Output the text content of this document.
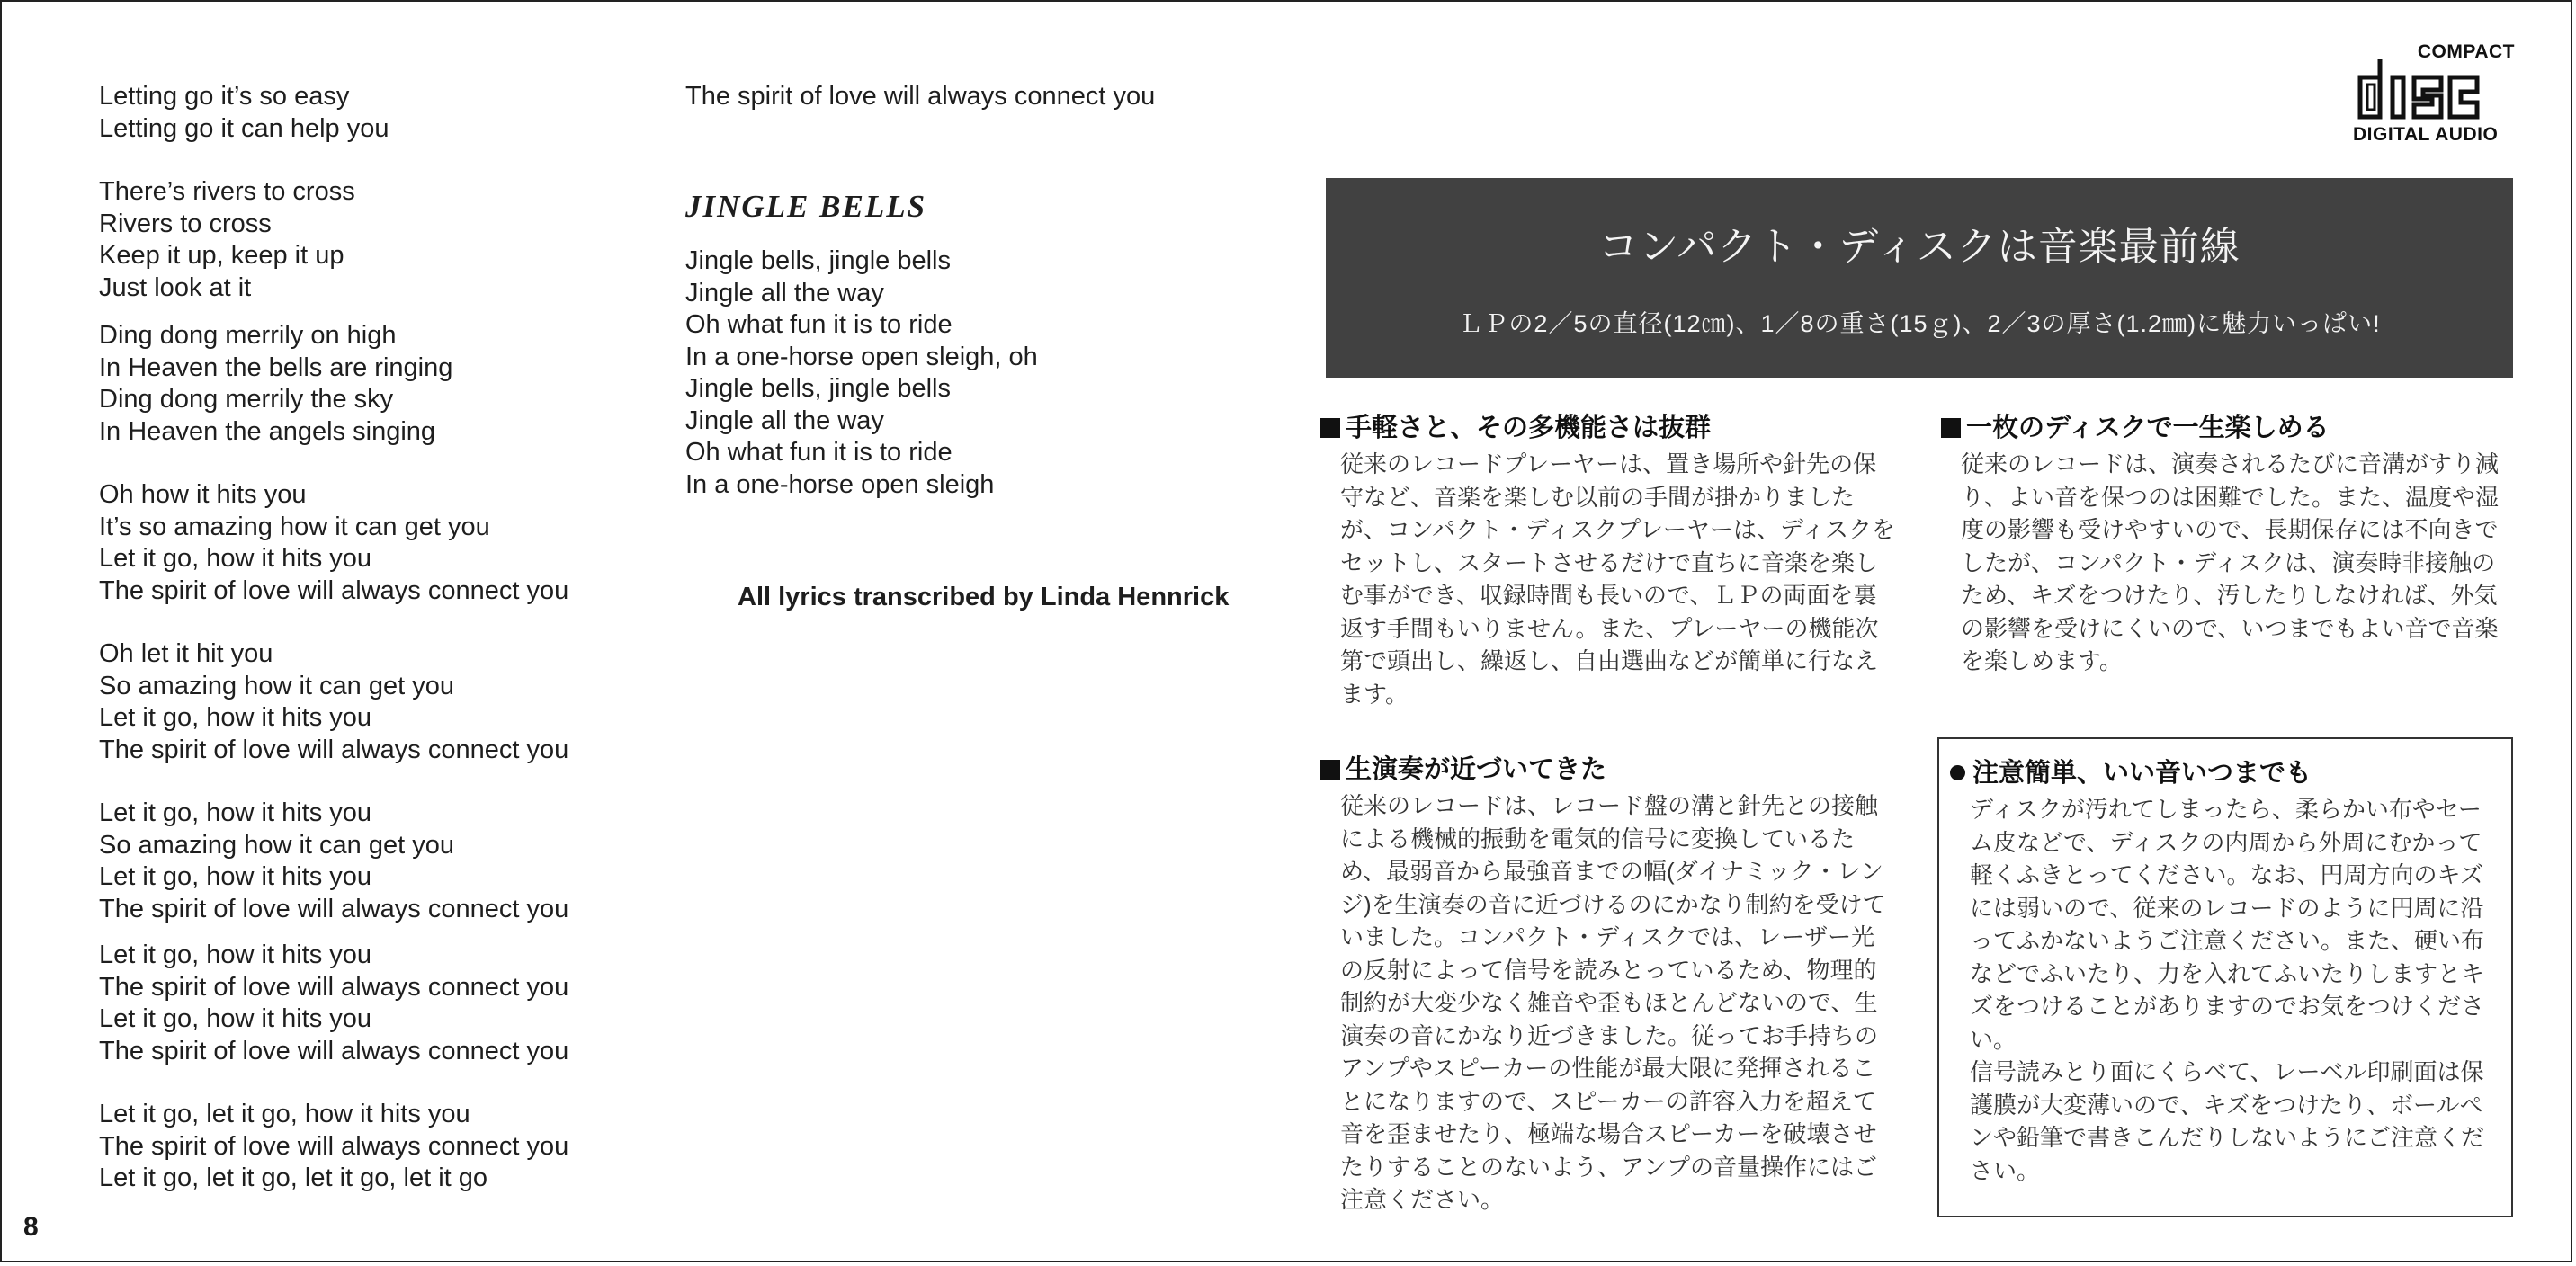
Letting go it’s so easy
Letting go it can help you
There’s rivers to cross
Rivers to cross
Keep it up, keep it up
Just look at it
Ding dong merrily on high
In Heaven the bells are ringing
Ding dong merrily the sky
In Heaven the angels singing
Oh how it hits you
It’s so amazing how it can get you
Let it go, how it hits you
The spirit of love will always connect you
Oh let it hit you
So amazing how it can get you
Let it go, how it hits you
The spirit of love will always connect you
Let it go, how it hits you
So amazing how it can get you
Let it go, how it hits you
The spirit of love will always connect you
Let it go, how it hits you
The spirit of love will always connect you
Let it go, how it hits you
The spirit of love will always connect you
Let it go, let it go, how it hits you
The spirit of love will always connect you
Let it go, let it go, let it go, let it go
The spirit of love will always connect you
JINGLE BELLS
Jingle bells, jingle bells
Jingle all the way
Oh what fun it is to ride
In a one-horse open sleigh, oh
Jingle bells, jingle bells
Jingle all the way
Oh what fun it is to ride
In a one-horse open sleigh
All lyrics transcribed by Linda Hennrick
8
COMPACT
DIGITAL AUDIO
コンパクト・ディスクは音楽最前線
ＬＰの2／5の直径(12㎝)、1／8の重さ(15ｇ)、2／3の厚さ(1.2㎜)に魅力いっぱい!
手軽さと、その多機能さは抜群

従来のレコードプレーヤーは、置き場所や針先の保守など、音楽を楽しむ以前の手間が掛かりましたが、コンパクト・ディスクプレーヤーは、ディスクをセットし、スタートさせるだけで直ちに音楽を楽しむ事ができ、収録時間も長いので、ＬＰの両面を裏返す手間もいりません。また、プレーヤーの機能次第で頭出し、繰返し、自由選曲などが簡単に行なえます。

一枚のディスクで一生楽しめる

従来のレコードは、演奏されるたびに音溝がすり減り、よい音を保つのは困難でした。また、温度や湿度の影響も受けやすいので、長期保存には不向きでしたが、コンパクト・ディスクは、演奏時非接触のため、キズをつけたり、汚したりしなければ、外気の影響を受けにくいので、いつまでもよい音で音楽を楽しめます。

生演奏が近づいてきた

従来のレコードは、レコード盤の溝と針先との接触による機械的振動を電気的信号に変換しているため、最弱音から最強音までの幅(ダイナミック・レンジ)を生演奏の音に近づけるのにかなり制約を受けていました。コンパクト・ディスクでは、レーザー光の反射によって信号を読みとっているため、物理的制約が大変少なく雑音や歪もほとんどないので、生演奏の音にかなり近づきました。従ってお手持ちのアンプやスピーカーの性能が最大限に発揮されることになりますので、スピーカーの許容入力を超えて音を歪ませたり、極端な場合スピーカーを破壊させたりすることのないよう、アンプの音量操作にはご注意ください。

注意簡単、いい音いつまでも

ディスクが汚れてしまったら、柔らかい布やセーム皮などで、ディスクの内周から外周にむかって軽くふきとってください。なお、円周方向のキズには弱いので、従来のレコードのように円周に沿ってふかないようご注意ください。また、硬い布などでふいたり、力を入れてふいたりしますとキズをつけることがありますのでお気をつけください。

信号読みとり面にくらべて、レーベル印刷面は保護膜が大変薄いので、キズをつけたり、ボールペンや鉛筆で書きこんだりしないようにご注意ください。
